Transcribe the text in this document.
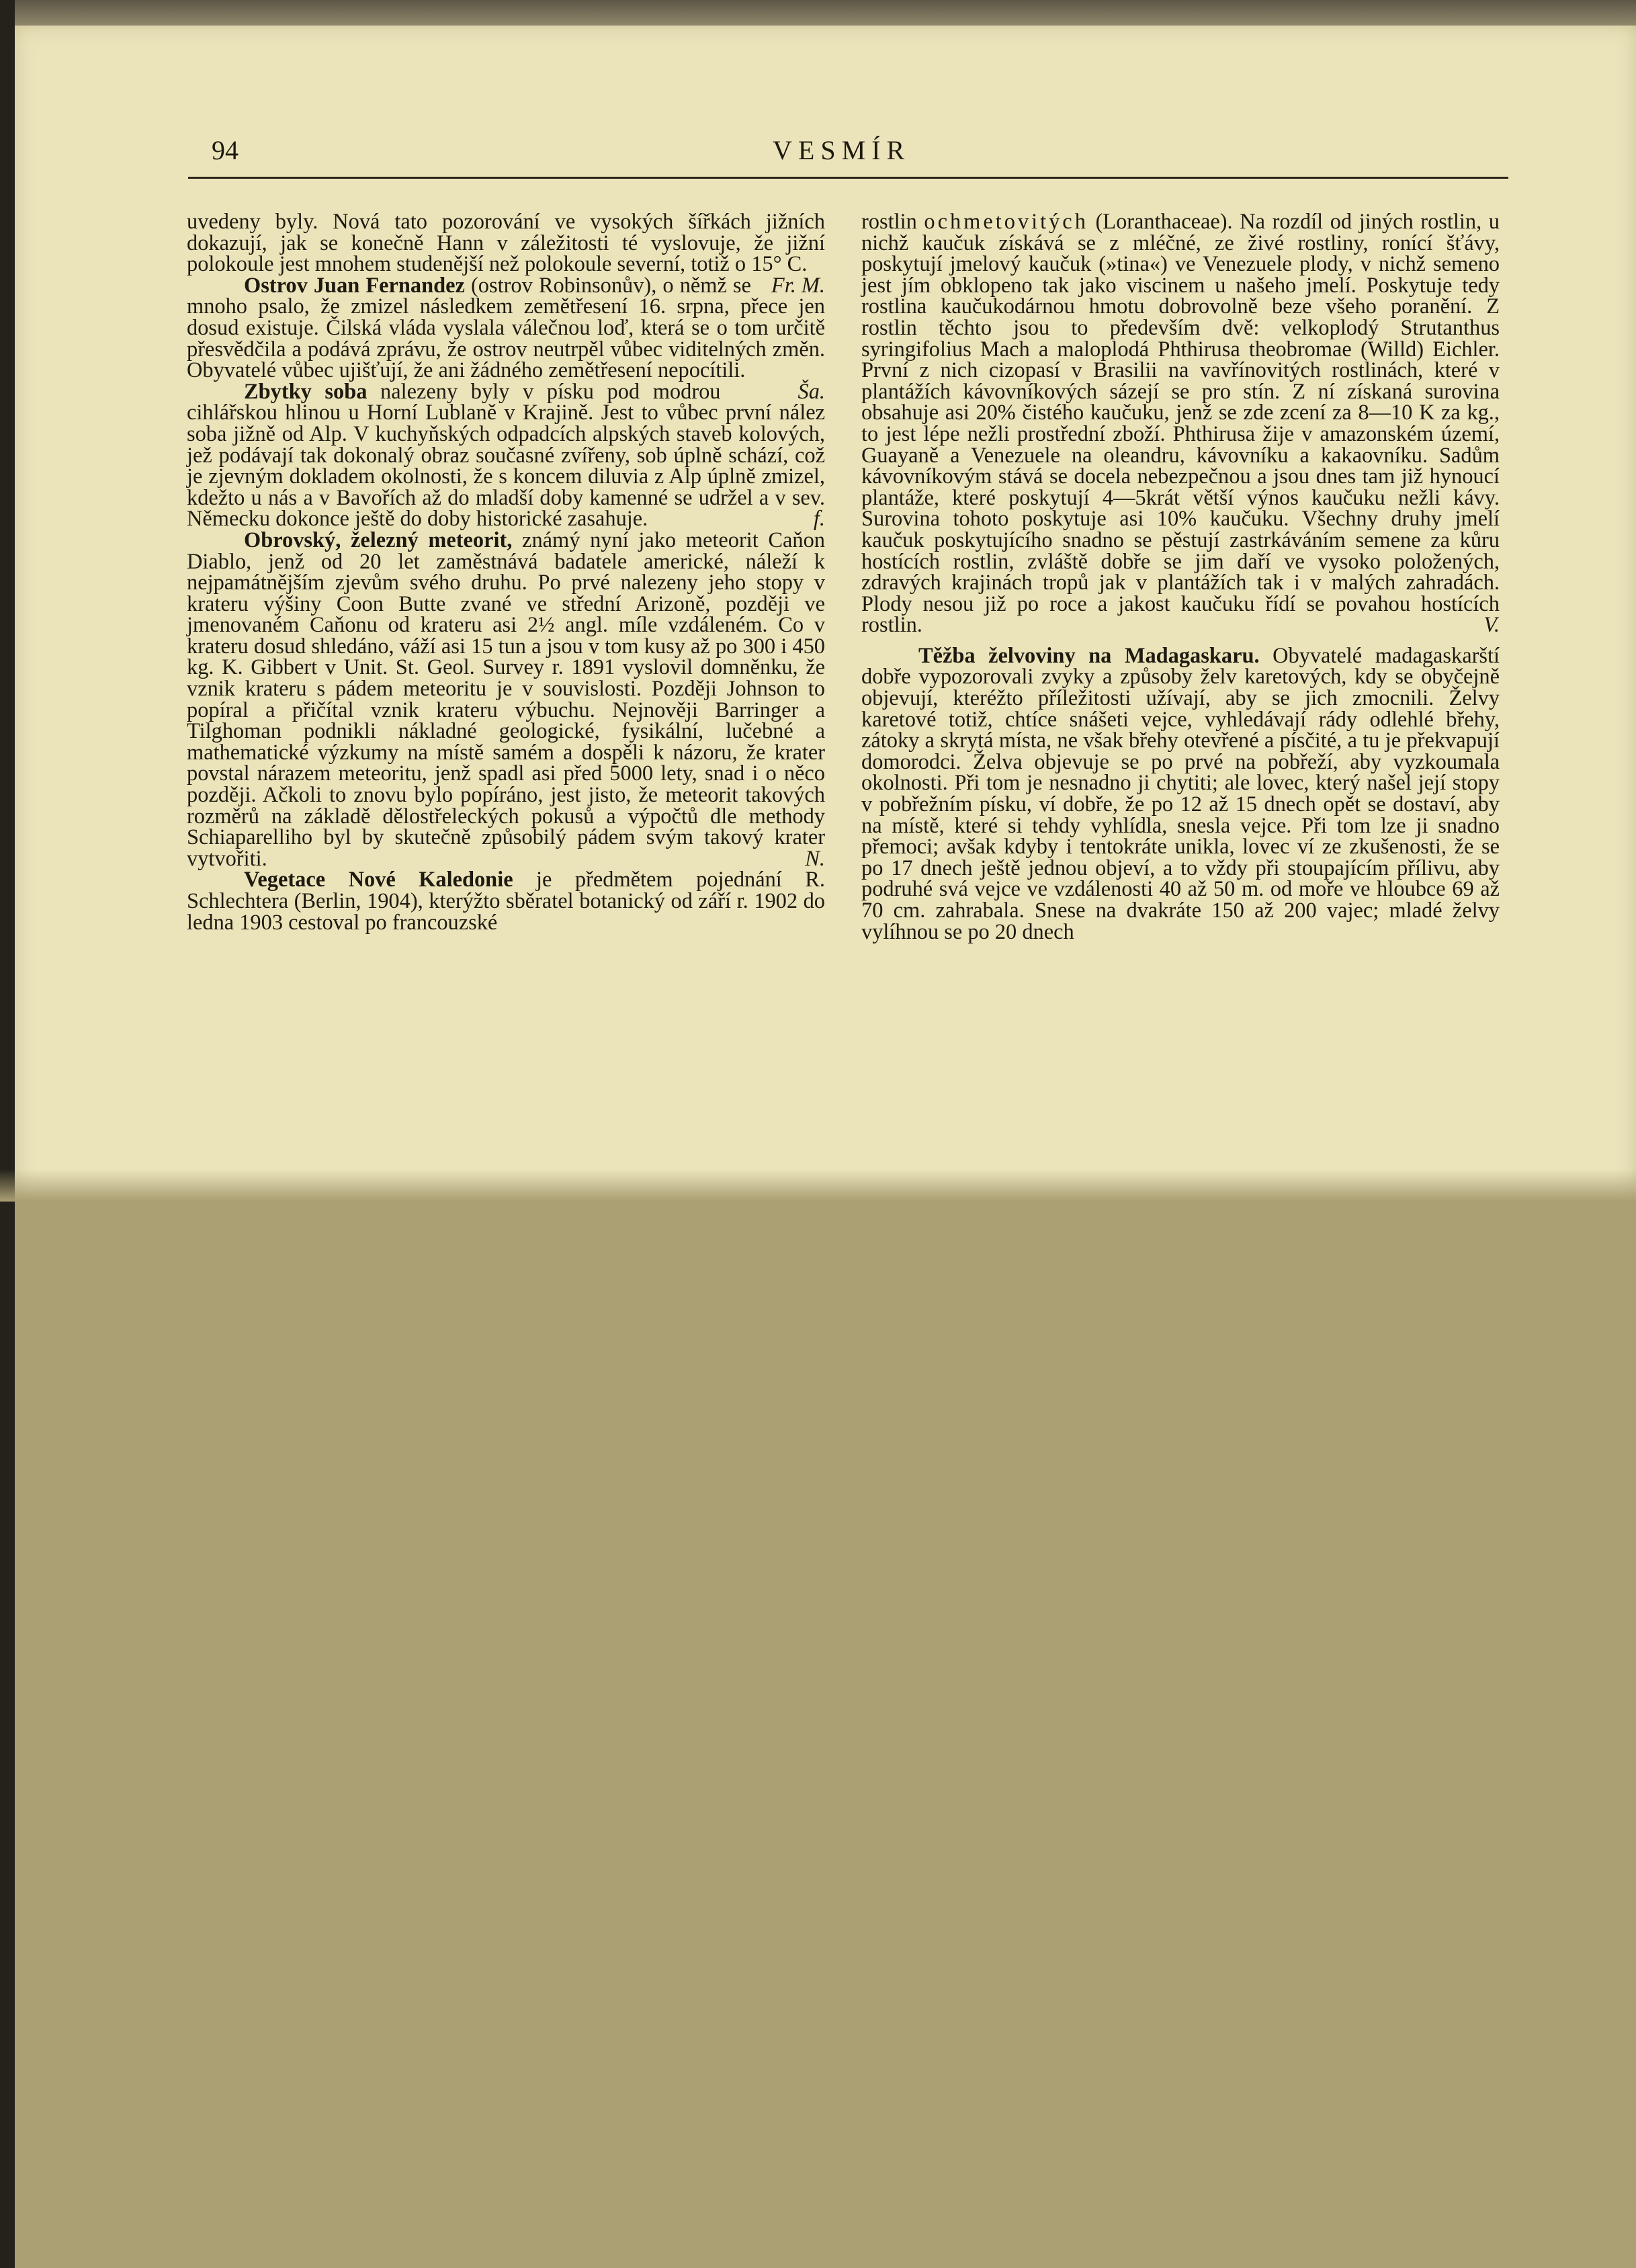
94	VESMÍR

uvedeny byly. Nová tato pozorování ve vysokých šířkách jižních dokazují, jak se konečně Hann v záležitosti té vyslovuje, že jižní polokoule jest mnohem studenější než polokoule severní, totiž o 15° C.
Fr. M.

Ostrov Juan Fernandez (ostrov Robinsonův), o němž se mnoho psalo, že zmizel následkem zemětřesení 16. srpna, přece jen dosud existuje. Čilská vláda vyslala válečnou loď, která se o tom určitě přesvědčila a podává zprávu, že ostrov neutrpěl vůbec viditelných změn. Obyvatelé vůbec ujišťují, že ani žádného zemětřesení nepocítili.
Ša.

Zbytky soba nalezeny byly v písku pod modrou cihlářskou hlinou u Horní Lublaně v Krajině. Jest to vůbec první nález soba jižně od Alp. V kuchyňských odpadcích alpských staveb kolových, jež podávají tak dokonalý obraz současné zvířeny, sob úplně schází, což je zjevným dokladem okolnosti, že s koncem diluvia z Alp úplně zmizel, kdežto u nás a v Bavořích až do mladší doby kamenné se udržel a v sev. Německu dokonce ještě do doby historické zasahuje.	f.

Obrovský, železný meteorit, známý nyní jako meteorit Caňon Diablo, jenž od 20 let zaměstnává badatele americké, náleží k nejpamátnějším zjevům svého druhu. Po prvé nalezeny jeho stopy v krateru výšiny Coon Butte zvané ve střední Arizoně, později ve jmenovaném Caňonu od krateru asi 2½ angl. míle vzdáleném. Co v krateru dosud shledáno, váží asi 15 tun a jsou v tom kusy až po 300 i 450 kg. K. Gibbert v Unit. St. Geol. Survey r. 1891 vyslovil domněnku, že vznik krateru s pádem meteoritu je v souvislosti. Později Johnson to popíral a přičítal vznik krateru výbuchu. Nejnověji Barringer a Tilghoman podnikli nákladné geologické, fysikální, lučebné a mathematické výzkumy na místě samém a dospěli k názoru, že krater povstal nárazem meteoritu, jenž spadl asi před 5000 lety, snad i o něco později. Ačkoli to znovu bylo popíráno, jest jisto, že meteorit takových rozměrů na základě dělostřeleckých pokusů a výpočtů dle methody Schiaparelliho byl by skutečně způsobilý pádem svým takový krater vytvořiti.	N.

Vegetace Nové Kaledonie je předmětem pojednání R. Schlechtera (Berlin, 1904), kterýžto sběratel botanický od září r. 1902 do ledna 1903 cestoval po francouzské

rostlin ochmetovitých (Loranthaceae). Na rozdíl od jiných rostlin, u nichž kaučuk získává se z mléčné, ze živé rostliny, ronící šťávy, poskytují jmelový kaučuk (»tina«) ve Venezuele plody, v nichž semeno jest jím obklopeno tak jako viscinem u našeho jmelí. Poskytuje tedy rostlina kaučukodárnou hmotu dobrovolně beze všeho poranění. Z rostlin těchto jsou to především dvě: velkoplodý Strutanthus syringifolius Mach a maloplodá Phthirusa theobromae (Willd) Eichler. První z nich cizopasí v Brasilii na vavřínovitých rostlinách, které v plantážích kávovníkových sázejí se pro stín. Z ní získaná surovina obsahuje asi 20% čistého kaučuku, jenž se zde zcení za 8—10 K za kg., to jest lépe nežli prostřední zboží. Phthirusa žije v amazonském území, Guayaně a Venezuele na oleandru, kávovníku a kakaovníku. Sadům kávovníkovým stává se docela nebezpečnou a jsou dnes tam již hynoucí plantáže, které poskytují 4—5krát větší výnos kaučuku nežli kávy. Surovina tohoto poskytuje asi 10% kaučuku. Všechny druhy jmelí kaučuk poskytujícího snadno se pěstují zastrkáváním semene za kůru hostících rostlin, zvláště dobře se jim daří ve vysoko položených, zdravých krajinách tropů jak v plantážích tak i v malých zahradách. Plody nesou již po roce a jakost kaučuku řídí se povahou hostících rostlin.	V.

Těžba želvoviny na Madagaskaru. Obyvatelé madagaskarští dobře vypozorovali zvyky a způsoby želv karetových, kdy se obyčejně objevují, kteréžto příležitosti užívají, aby se jich zmocnili. Želvy karetové totiž, chtíce snášeti vejce, vyhledávají rády odlehlé břehy, zátoky a skrytá místa, ne však břehy otevřené a písčité, a tu je překvapují domorodci. Želva objevuje se po prvé na pobřeží, aby vyzkoumala okolnosti. Při tom je nesnadno ji chytiti; ale lovec, který našel její stopy v pobřežním písku, ví dobře, že po 12 až 15 dnech opět se dostaví, aby na místě, které si tehdy vyhlídla, snesla vejce. Při tom lze ji snadno přemoci; avšak kdyby i tentokráte unikla, lovec ví ze zkušenosti, že se po 17 dnech ještě jednou objeví, a to vždy při stoupajícím přílivu, aby podruhé svá vejce ve vzdálenosti 40 až 50 m. od moře ve hloubce 69 až 70 cm. zahrabala. Snese na dvakráte 150 až 200 vajec; mladé želvy vylíhnou se po 20 dnech
